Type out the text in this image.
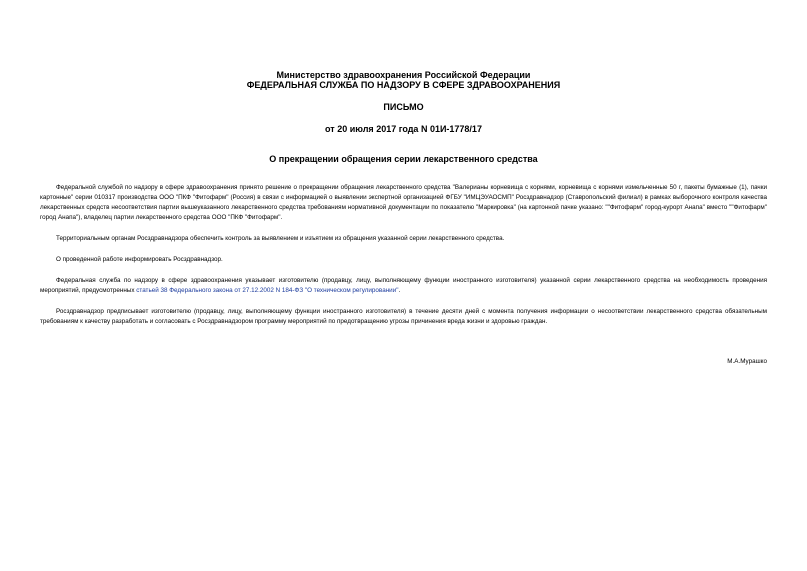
Министерство здравоохранения Российской Федерации
ФЕДЕРАЛЬНАЯ СЛУЖБА ПО НАДЗОРУ В СФЕРЕ ЗДРАВООХРАНЕНИЯ
ПИСЬМО
от 20 июля 2017 года N 01И-1778/17
О прекращении обращения серии лекарственного средства
Федеральной службой по надзору в сфере здравоохранения принято решение о прекращении обращения лекарственного средства "Валерианы корневища с корнями, корневища с корнями измельченные 50 г, пакеты бумажные (1), пачки картонные" серии 010317 производства ООО "ПКФ "Фитофарм" (Россия) в связи с информацией о выявлении экспертной организацией ФГБУ "ИМЦЭУАОСМП" Росздравнадзор (Ставропольский филиал) в рамках выборочного контроля качества лекарственных средств несоответствия партии вышеуказанного лекарственного средства требованиям нормативной документации по показателю "Маркировка" (на картонной пачке указано: ""Фитофарм" город-курорт Анапа" вместо ""Фитофарм" город Анапа"), владелец партии лекарственного средства ООО "ПКФ "Фитофарм".
Территориальным органам Росздравнадзора обеспечить контроль за выявлением и изъятием из обращения указанной серии лекарственного средства.
О проведенной работе информировать Росздравнадзор.
Федеральная служба по надзору в сфере здравоохранения указывает изготовителю (продавцу, лицу, выполняющему функции иностранного изготовителя) указанной серии лекарственного средства на необходимость проведения мероприятий, предусмотренных статьей 38 Федерального закона от 27.12.2002 N 184-ФЗ "О техническом регулировании".
Росздравнадзор предписывает изготовителю (продавцу, лицу, выполняющему функции иностранного изготовителя) в течение десяти дней с момента получения информации о несоответствии лекарственного средства обязательным требованиям к качеству разработать и согласовать с Росздравнадзором программу мероприятий по предотвращению угрозы причинения вреда жизни и здоровью граждан.
М.А.Мурашко
